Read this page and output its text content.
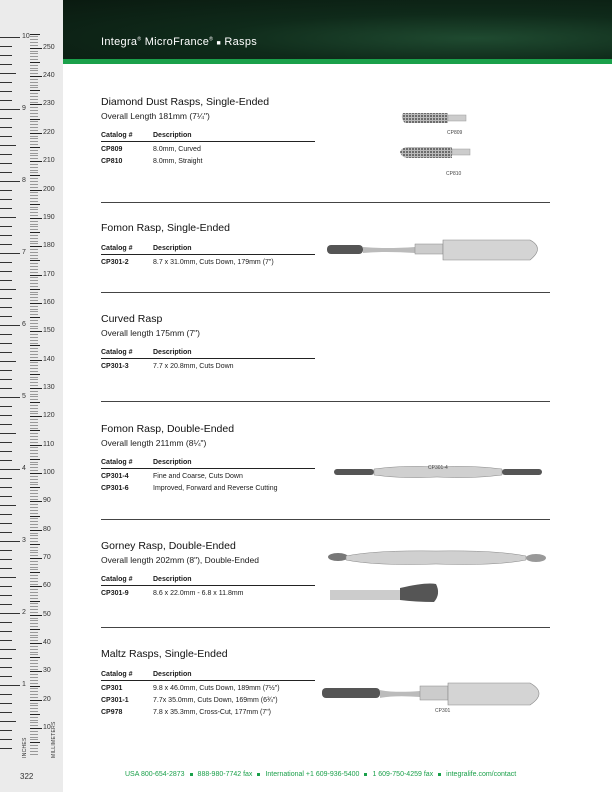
1
2
3
4
5
6
7
8
9
10
10
20
30
40
50
60
70
80
90
100
110
120
130
140
150
160
170
180
190
200
210
220
230
240
250
INCHES	MILLIMETERS
322
Integra® MicroFrance® ■ Rasps
Diamond Dust Rasps, Single-Ended
Overall Length 181mm (7¼")
Catalog #	Description
CP809	8.0mm, Curved
CP810	8.0mm, Straight
Fomon Rasp, Single-Ended
Catalog #	Description
CP301-2	8.7 x 31.0mm, Cuts Down, 179mm (7")
Curved Rasp
Overall length 175mm (7")
Catalog #	Description
CP301-3	7.7 x 20.8mm, Cuts Down
Fomon Rasp, Double-Ended
Overall length 211mm (8¼")
Catalog #	Description
CP301-4	Fine and Coarse, Cuts Down
CP301-6	Improved, Forward and Reverse Cutting
Gorney Rasp, Double-Ended
Overall length 202mm (8"), Double-Ended
Catalog #	Description
CP301-9	8.6 x 22.0mm - 6.8 x 11.8mm
Maltz Rasps, Single-Ended
Catalog #	Description
CP301	9.8 x 46.0mm, Cuts Down, 189mm (7½")
CP301-1	7.7x 35.0mm, Cuts Down, 169mm (6¾")
CP978	7.8 x 35.3mm, Cross-Cut, 177mm (7")
CP809
CP810
CP301-4
CP301
USA 800-654-2873 888-980-7742 fax International +1 609-936-5400 1 609-750-4259 fax integralife.com/contact
